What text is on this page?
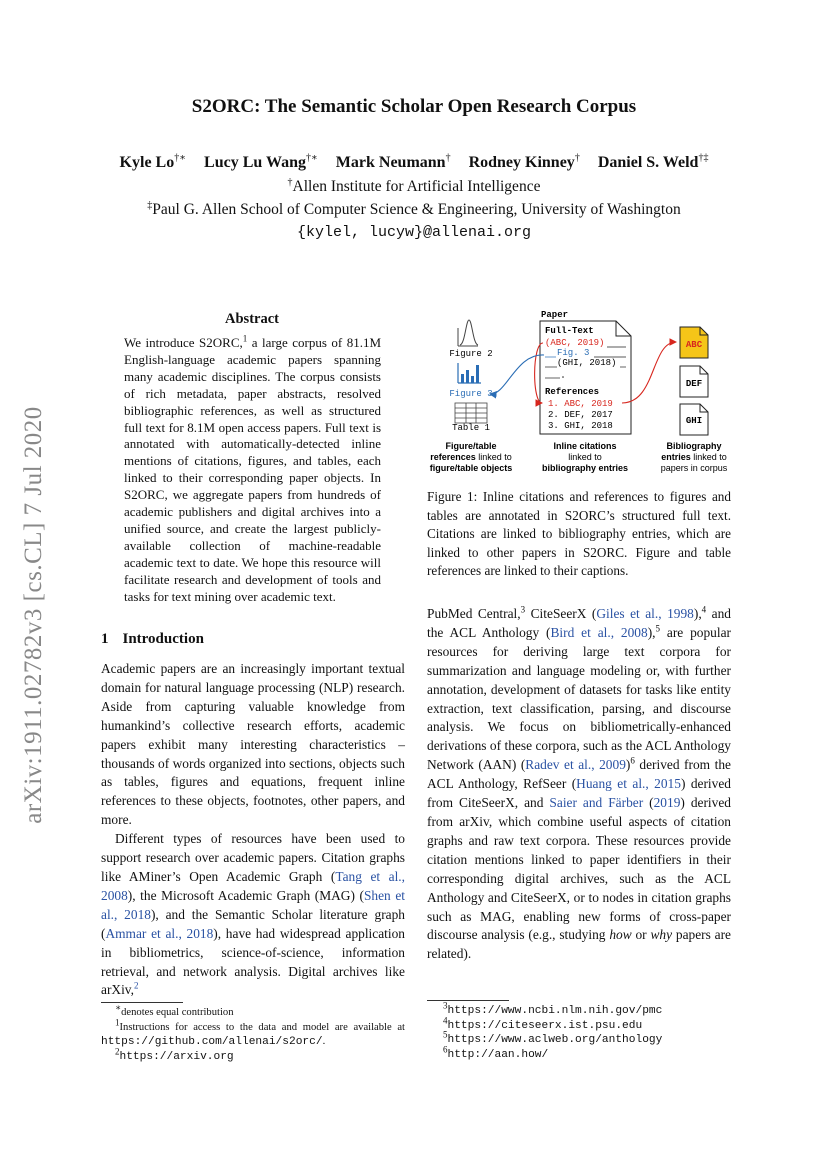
arXiv:1911.02782v3 [cs.CL] 7 Jul 2020
S2ORC: The Semantic Scholar Open Research Corpus
Kyle Lo†∗ Lucy Lu Wang†∗ Mark Neumann† Rodney Kinney† Daniel S. Weld†‡
†Allen Institute for Artificial Intelligence
‡Paul G. Allen School of Computer Science & Engineering, University of Washington
{kylel, lucyw}@allenai.org
Abstract
We introduce S2ORC,$^1$ a large corpus of 81.1M English-language academic papers spanning many academic disciplines. The corpus consists of rich metadata, paper abstracts, resolved bibliographic references, as well as structured full text for 8.1M open access papers. Full text is annotated with automatically-detected inline mentions of citations, figures, and tables, each linked to their corresponding paper objects. In S2ORC, we aggregate papers from hundreds of academic publishers and digital archives into a unified source, and create the largest publicly-available collection of machine-readable academic text to date. We hope this resource will facilitate research and development of tools and tasks for text mining over academic text.
1 Introduction

Academic papers are an increasingly important textual domain for natural language processing (NLP) research. Aside from capturing valuable knowledge from humankind’s collective research efforts, academic papers exhibit many interesting characteristics – thousands of words organized into sections, objects such as tables, figures and equations, frequent inline references to these objects, footnotes, other papers, and more.

Different types of resources have been used to support research over academic papers. Citation graphs like AMiner’s Open Academic Graph (Tang et al., 2008), the Microsoft Academic Graph (MAG) (Shen et al., 2018), and the Semantic Scholar literature graph (Ammar et al., 2018), have had widespread application in bibliometrics, science-of-science, information retrieval, and network analysis. Digital archives like arXiv,$^2$

∗denotes equal contribution
$^1$Instructions for access to the data and model are available at https://github.com/allenai/s2orc/.
$^2$https://arxiv.org
Figure 2
Figure 3
Table 1
Paper
Full-Text
(ABC, 2019)
Fig. 3
(GHI, 2018)
References
1. ABC, 2019
2. DEF, 2017
3. GHI, 2018
ABC
DEF
GHI
Figure/table
references linked to
figure/table objects
Inline citations
linked to
bibliography entries
Bibliography
entries linked to
papers in corpus
Figure 1: Inline citations and references to figures and tables are annotated in S2ORC’s structured full text. Citations are linked to bibliography entries, which are linked to other papers in S2ORC. Figure and table references are linked to their captions.

PubMed Central,$^3$ CiteSeerX (Giles et al., 1998),$^4$ and the ACL Anthology (Bird et al., 2008),$^5$ are popular resources for deriving large text corpora for summarization and language modeling or, with further annotation, development of datasets for tasks like entity extraction, text classification, parsing, and discourse analysis. We focus on bibliometrically-enhanced derivations of these corpora, such as the ACL Anthology Network (AAN) (Radev et al., 2009)$^6$ derived from the ACL Anthology, RefSeer (Huang et al., 2015) derived from CiteSeerX, and Saier and Färber (2019) derived from arXiv, which combine useful aspects of citation graphs and raw text corpora. These resources provide citation mentions linked to paper identifiers in their corresponding digital archives, such as the ACL Anthology and CiteSeerX, or to nodes in citation graphs such as MAG, enabling new forms of cross-paper discourse analysis (e.g., studying how or why papers are related).

$^3$https://www.ncbi.nlm.nih.gov/pmc
$^4$https://citeseerx.ist.psu.edu
$^5$https://www.aclweb.org/anthology
$^6$http://aan.how/
